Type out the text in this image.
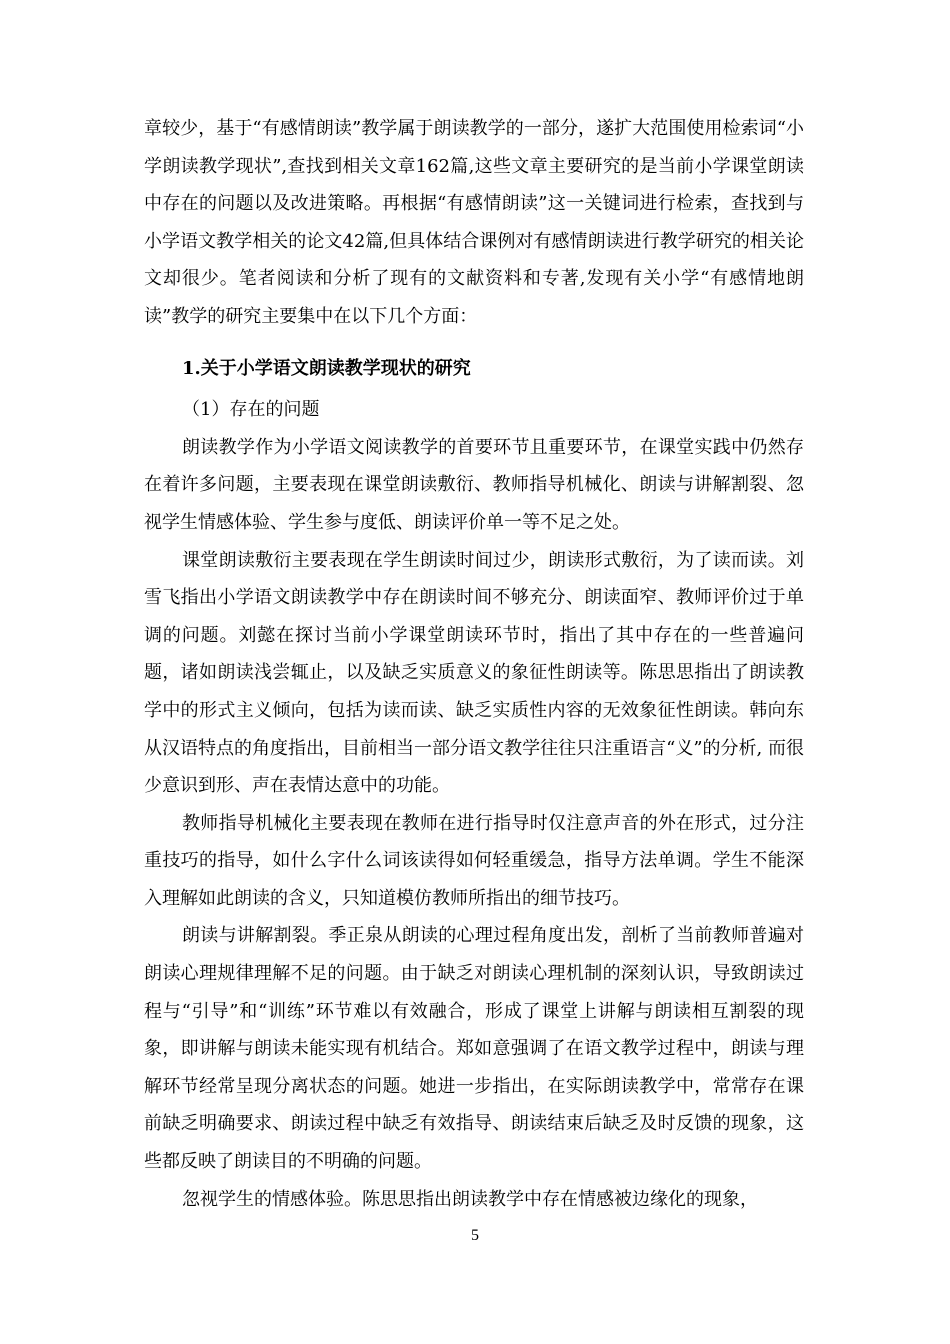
章较少，基于“有感情朗读”教学属于朗读教学的一部分，遂扩大范围使用检索词“小学朗读教学现状”,查找到相关文章162篇,这些文章主要研究的是当前小学课堂朗读中存在的问题以及改进策略。再根据“有感情朗读”这一关键词进行检索，查找到与小学语文教学相关的论文42篇,但具体结合课例对有感情朗读进行教学研究的相关论文却很少。笔者阅读和分析了现有的文献资料和专著,发现有关小学“有感情地朗读”教学的研究主要集中在以下几个方面：

1.关于小学语文朗读教学现状的研究

（1）存在的问题

朗读教学作为小学语文阅读教学的首要环节且重要环节，在课堂实践中仍然存在着许多问题，主要表现在课堂朗读敷衍、教师指导机械化、朗读与讲解割裂、忽视学生情感体验、学生参与度低、朗读评价单一等不足之处。

课堂朗读敷衍主要表现在学生朗读时间过少，朗读形式敷衍，为了读而读。刘雪飞指出小学语文朗读教学中存在朗读时间不够充分、朗读面窄、教师评价过于单调的问题。刘懿在探讨当前小学课堂朗读环节时，指出了其中存在的一些普遍问题，诸如朗读浅尝辄止，以及缺乏实质意义的象征性朗读等。陈思思指出了朗读教学中的形式主义倾向，包括为读而读、缺乏实质性内容的无效象征性朗读。韩向东从汉语特点的角度指出，目前相当一部分语文教学往往只注重语言“义”的分析, 而很少意识到形、声在表情达意中的功能。

教师指导机械化主要表现在教师在进行指导时仅注意声音的外在形式，过分注重技巧的指导，如什么字什么词该读得如何轻重缓急，指导方法单调。学生不能深入理解如此朗读的含义，只知道模仿教师所指出的细节技巧。

朗读与讲解割裂。季正泉从朗读的心理过程角度出发，剖析了当前教师普遍对朗读心理规律理解不足的问题。由于缺乏对朗读心理机制的深刻认识，导致朗读过程与“引导”和“训练”环节难以有效融合，形成了课堂上讲解与朗读相互割裂的现象，即讲解与朗读未能实现有机结合。郑如意强调了在语文教学过程中，朗读与理解环节经常呈现分离状态的问题。她进一步指出，在实际朗读教学中，常常存在课前缺乏明确要求、朗读过程中缺乏有效指导、朗读结束后缺乏及时反馈的现象，这些都反映了朗读目的不明确的问题。

忽视学生的情感体验。陈思思指出朗读教学中存在情感被边缘化的现象，

5
